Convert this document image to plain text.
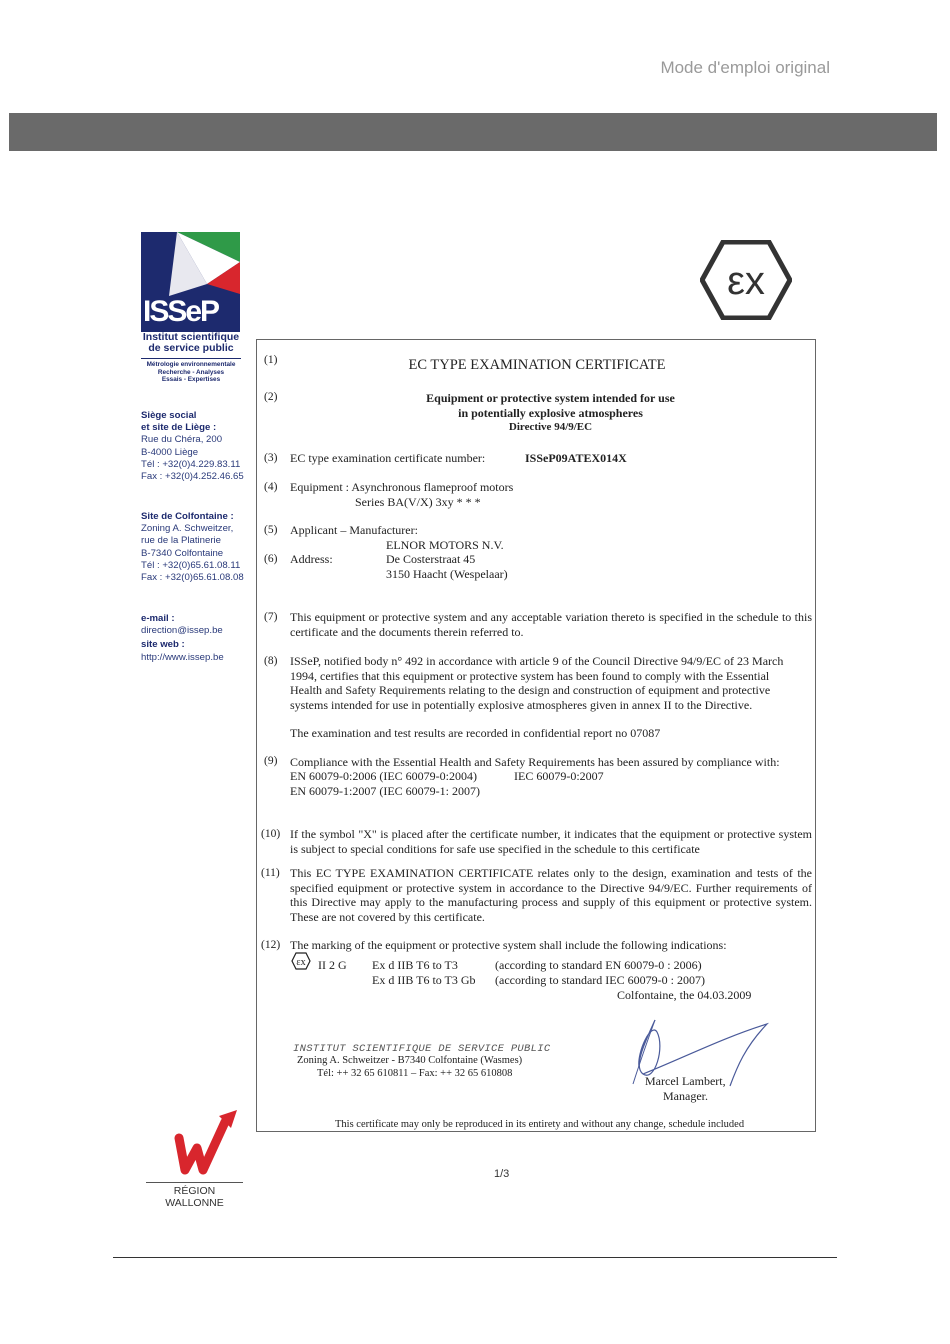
Mode d'emploi original
ISSeP
Institut scientifique de service public
Métrologie environnementale
Recherche - Analyses
Essais - Expertises
Siège social
et site de Liège :
Rue du Chéra, 200
B-4000 Liège
Tél : +32(0)4.229.83.11
Fax : +32(0)4.252.46.65
Site de Colfontaine :
Zoning A. Schweitzer,
rue de la Platinerie
B-7340 Colfontaine
Tél : +32(0)65.61.08.11
Fax : +32(0)65.61.08.08
e-mail :
direction@issep.be
site web :
http://www.issep.be
εx
(1)	EC TYPE EXAMINATION CERTIFICATE
(2)	Equipment or protective system intended for use
in potentially explosive atmospheres
Directive 94/9/EC
(3) EC type examination certificate number:	ISSeP09ATEX014X
(4) Equipment : Asynchronous flameproof motors
Series BA(V/X) 3xy * * *
(5) Applicant – Manufacturer:
ELNOR MOTORS N.V.
(6) Address:	De Costerstraat 45
3150 Haacht (Wespelaar)
(7) This equipment or protective system and any acceptable variation thereto is specified in the schedule to this certificate and the documents therein referred to.
(8) ISSeP, notified body n° 492 in accordance with article 9 of the Council Directive 94/9/EC of 23 March
1994, certifies that this equipment or protective system has been found to comply with the Essential
Health and Safety Requirements relating to the design and construction of equipment and protective
systems intended for use in potentially explosive atmospheres given in annex II to the Directive.
The examination and test results are recorded in confidential report no 07087
(9) Compliance with the Essential Health and Safety Requirements has been assured by compliance with:
EN 60079-0:2006 (IEC 60079-0:2004)	IEC 60079-0:2007
EN 60079-1:2007 (IEC 60079-1: 2007)
(10) If the symbol "X" is placed after the certificate number, it indicates that the equipment or protective system is subject to special conditions for safe use specified in the schedule to this certificate
(11) This EC TYPE EXAMINATION CERTIFICATE relates only to the design, examination and tests of the specified equipment or protective system in accordance to the Directive 94/9/EC. Further requirements of this Directive may apply to the manufacturing process and supply of this equipment or protective system. These are not covered by this certificate.
(12) The marking of the equipment or protective system shall include the following indications:
εx II 2 G Ex d IIB T6 to T3	(according to standard EN 60079-0 : 2006)
Ex d IIB T6 to T3 Gb (according to standard IEC 60079-0 : 2007)
Colfontaine, the 04.03.2009
INSTITUT SCIENTIFIQUE DE SERVICE PUBLIC
Zoning A. Schweitzer - B7340 Colfontaine (Wasmes)
Tél: ++ 32 65 610811 – Fax: ++ 32 65 610808
Marcel Lambert,
Manager.
This certificate may only be reproduced in its entirety and without any change, schedule included
RÉGION WALLONNE
1/3
